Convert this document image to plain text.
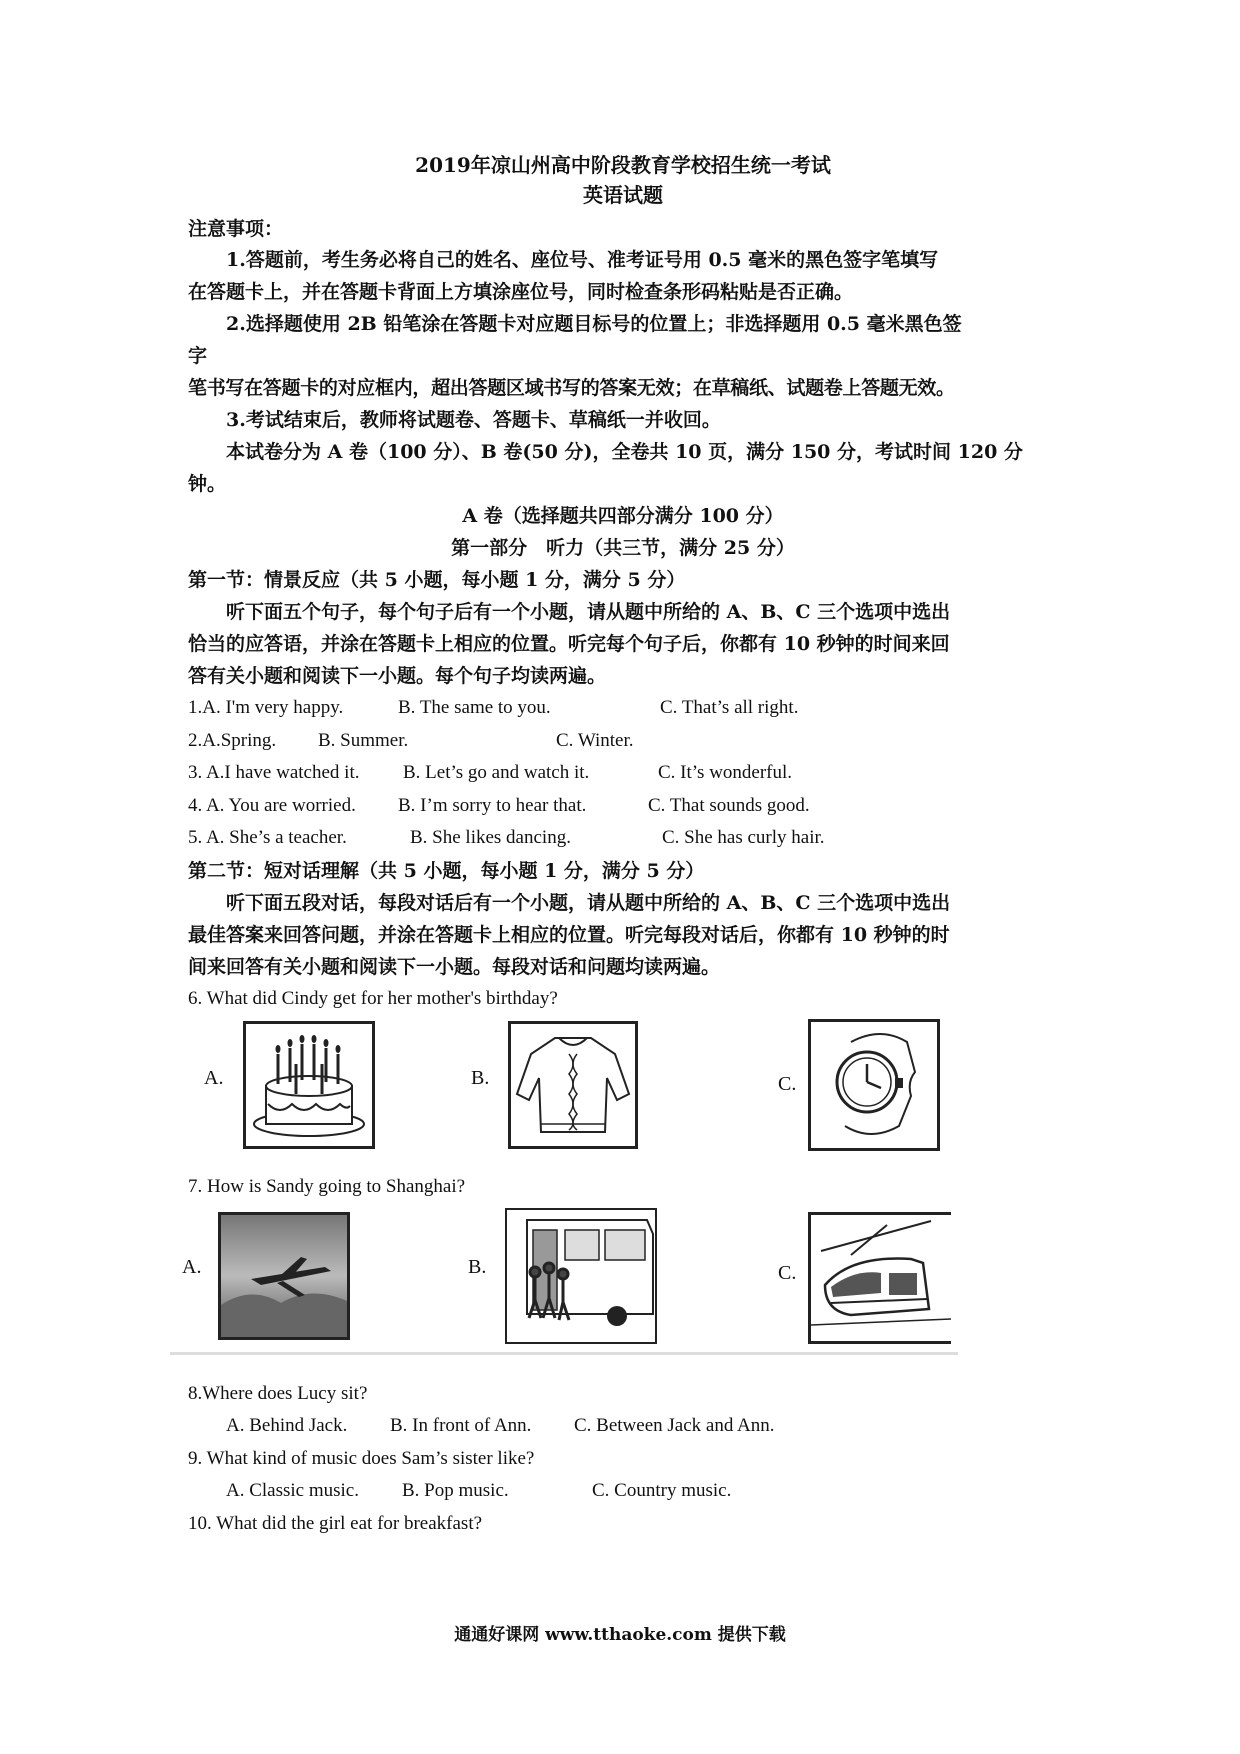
2019年凉山州高中阶段教育学校招生统一考试
英语试题
注意事项：
1.答题前，考生务必将自己的姓名、座位号、准考证号用 0.5 毫米的黑色签字笔填写
在答题卡上，并在答题卡背面上方填涂座位号，同时检查条形码粘贴是否正确。
2.选择题使用 2B 铅笔涂在答题卡对应题目标号的位置上；非选择题用 0.5 毫米黑色签
字
笔书写在答题卡的对应框内，超出答题区域书写的答案无效；在草稿纸、试题卷上答题无效。
3.考试结束后，教师将试题卷、答题卡、草稿纸一并收回。
本试卷分为 A 卷（100 分）、B 卷(50 分)，全卷共 10 页，满分 150 分，考试时间 120 分
钟。
A 卷（选择题共四部分满分 100 分）
第一部分　听力（共三节，满分 25 分）
第一节：情景反应（共 5 小题，每小题 1 分，满分 5 分）
听下面五个句子，每个句子后有一个小题，请从题中所给的 A、B、C 三个选项中选出
恰当的应答语，并涂在答题卡上相应的位置。听完每个句子后，你都有 10 秒钟的时间来回
答有关小题和阅读下一小题。每个句子均读两遍。
1.A. I'm very happy.	B. The same to you.	C. That’s all right.
2.A.Spring. B. Summer.	C. Winter.
3. A.I have watched it. B. Let’s go and watch it.	C. It’s wonderful.
4. A. You are worried. B. I’m sorry to hear that.	C. That sounds good.
5. A. She’s a teacher.	B. She likes dancing.	C. She has curly hair.
第二节：短对话理解（共 5 小题，每小题 1 分，满分 5 分）
听下面五段对话，每段对话后有一个小题，请从题中所给的 A、B、C 三个选项中选出
最佳答案来回答问题，并涂在答题卡上相应的位置。听完每段对话后，你都有 10 秒钟的时
间来回答有关小题和阅读下一小题。每段对话和问题均读两遍。
6. What did Cindy get for her mother's birthday?
A.	B.	C.
7. How is Sandy going to Shanghai?
A.	B.	C.
8.Where does Lucy sit?
A. Behind Jack. B. In front of Ann. C. Between Jack and Ann.
9. What kind of music does Sam’s sister like?
A. Classic music. B. Pop music.	C. Country music.
10. What did the girl eat for breakfast?
通通好课网 www.tthaoke.com 提供下载
